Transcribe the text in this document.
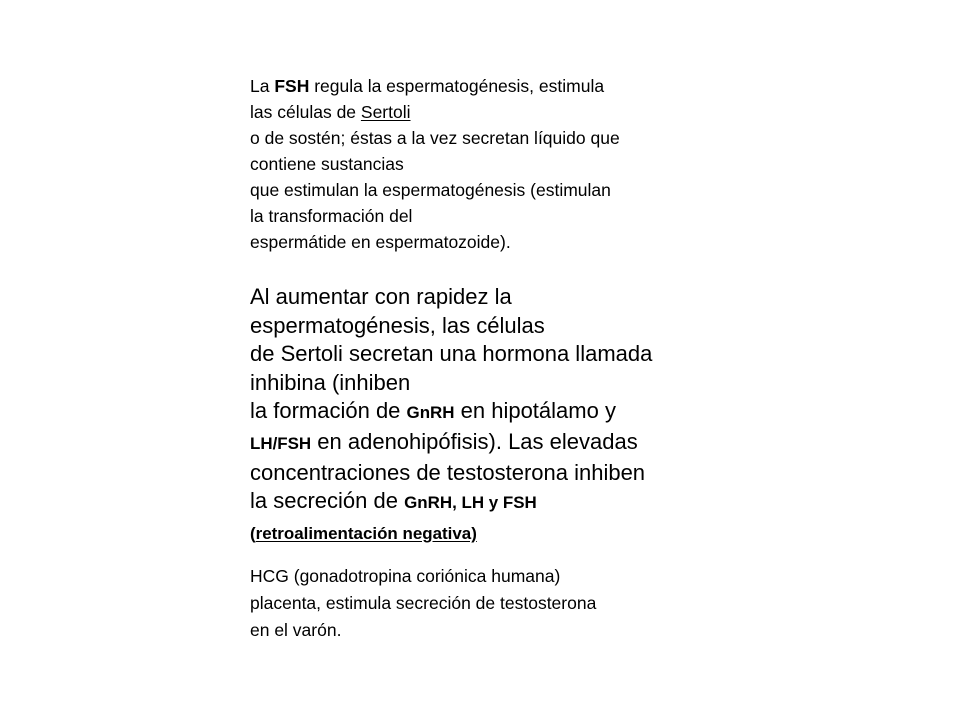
La FSH regula la espermatogénesis, estimula
las células de Sertoli
o de sostén; éstas a la vez secretan líquido que
contiene sustancias
que estimulan la espermatogénesis (estimulan
la transformación del
espermátide en espermatozoide).

Al aumentar con rapidez la
espermatogénesis, las células
de Sertoli secretan una hormona llamada
inhibina (inhiben
la formación de GnRH en hipotálamo y
LH/FSH en adenohipófisis). Las elevadas
concentraciones de testosterona inhiben
la secreción de GnRH, LH y FSH
(retroalimentación negativa)

HCG (gonadotropina coriónica humana)
placenta, estimula secreción de testosterona
en el varón.
